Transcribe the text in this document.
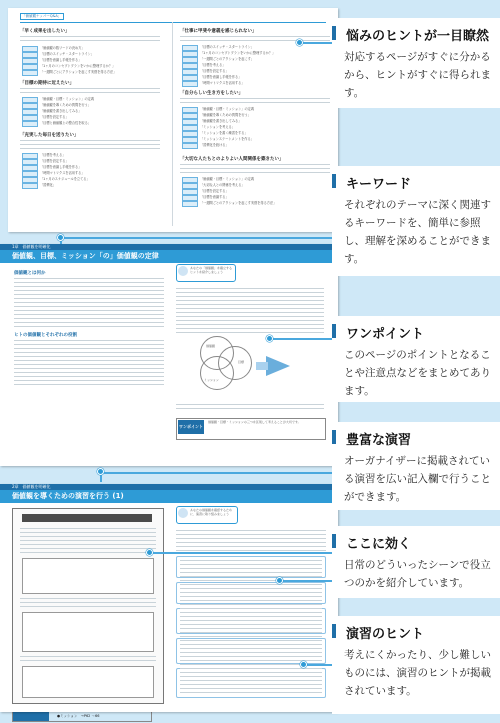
「価値観ナッパーQ&A」
「早く成果を出したい」
「価値観の数ワードの決め方」
「目標のスイッチ・スタートライン」
「目標を意識し手帳を作る」
「1ヶ月のコンセプトプランをいかに整理するか？」
「一週間ごとにアクションを起こす実感を得る方法」
「目標の期待に近えたい」
「価値観・目標・ミッション」の定義
「価値観を導くための質問を行う」
「価値観を書き出してみる」
「目標を設定する」
「目標と価値観との整合性を取る」
「充実した毎日を送りたい」
「目標を考える」
「目標を設定する」
「目標を意識し手帳を作る」
「時間マトリクスを活用する」
「1ヶ月のスケジュールを立てる」
「習慣化」
「仕事に甲斐や意義を感じられない」
「目標のスイッチ・スタートライン」
「1ヶ月のコンセプトプランをいかに整理するか？」
「一週間ごとのアクションを起こす」
「目標を考える」
「目標を設定する」
「目標を意識し手帳を作る」
「時間マトリクスを活用する」
「自分らしい生き方をしたい」
「価値観・目標・ミッション」の定義
「価値観を導くための質問を行う」
「価値観を書き出してみる」
「ミッションを考える」
「ミッションを書く練習をする」
「ミッションステートメントを作る」
「習慣化を続ける」
「大切な人たちとのよりよい人間関係を築きたい」
「価値観・目標・ミッション」の定義
「大切な人との関係を考える」
「目標を設定する」
「目標を意識する」
「一週間ごとのアクションを起こす実感を得る方法」
1章　価値観を明確化
価値観、目標、ミッション「の」価値観の定律
価値観とは何か
ヒトの価値観とそれぞれの役割
あなたの「価値観」を確立するヒントを紹介しましょう
価値観
目標
ミッション
●ミッション　→P62 ～66
ワンポイント
価値観・目標・ミッションの三つを区別して考えることが大切です。
2章　価値観を明確化
価値観を導くための演習を行う (1)
あなたの価値観を確認するために、演習に取り組みましょう
悩みのヒントが一目瞭然
対応するページがすぐに分かるから、ヒントがすぐに得られます。
キーワード
それぞれのテーマに深く関連するキーワードを、簡単に参照し、理解を深めることができます。
ワンポイント
このページのポイントとなることや注意点などをまとめてあります。
豊富な演習
オーガナイザーに掲載されている演習を広い記入欄で行うことができます。
ここに効く
日常のどういったシーンで役立つのかを紹介しています。
演習のヒント
考えにくかったり、少し難しいものには、演習のヒントが掲載されています。
